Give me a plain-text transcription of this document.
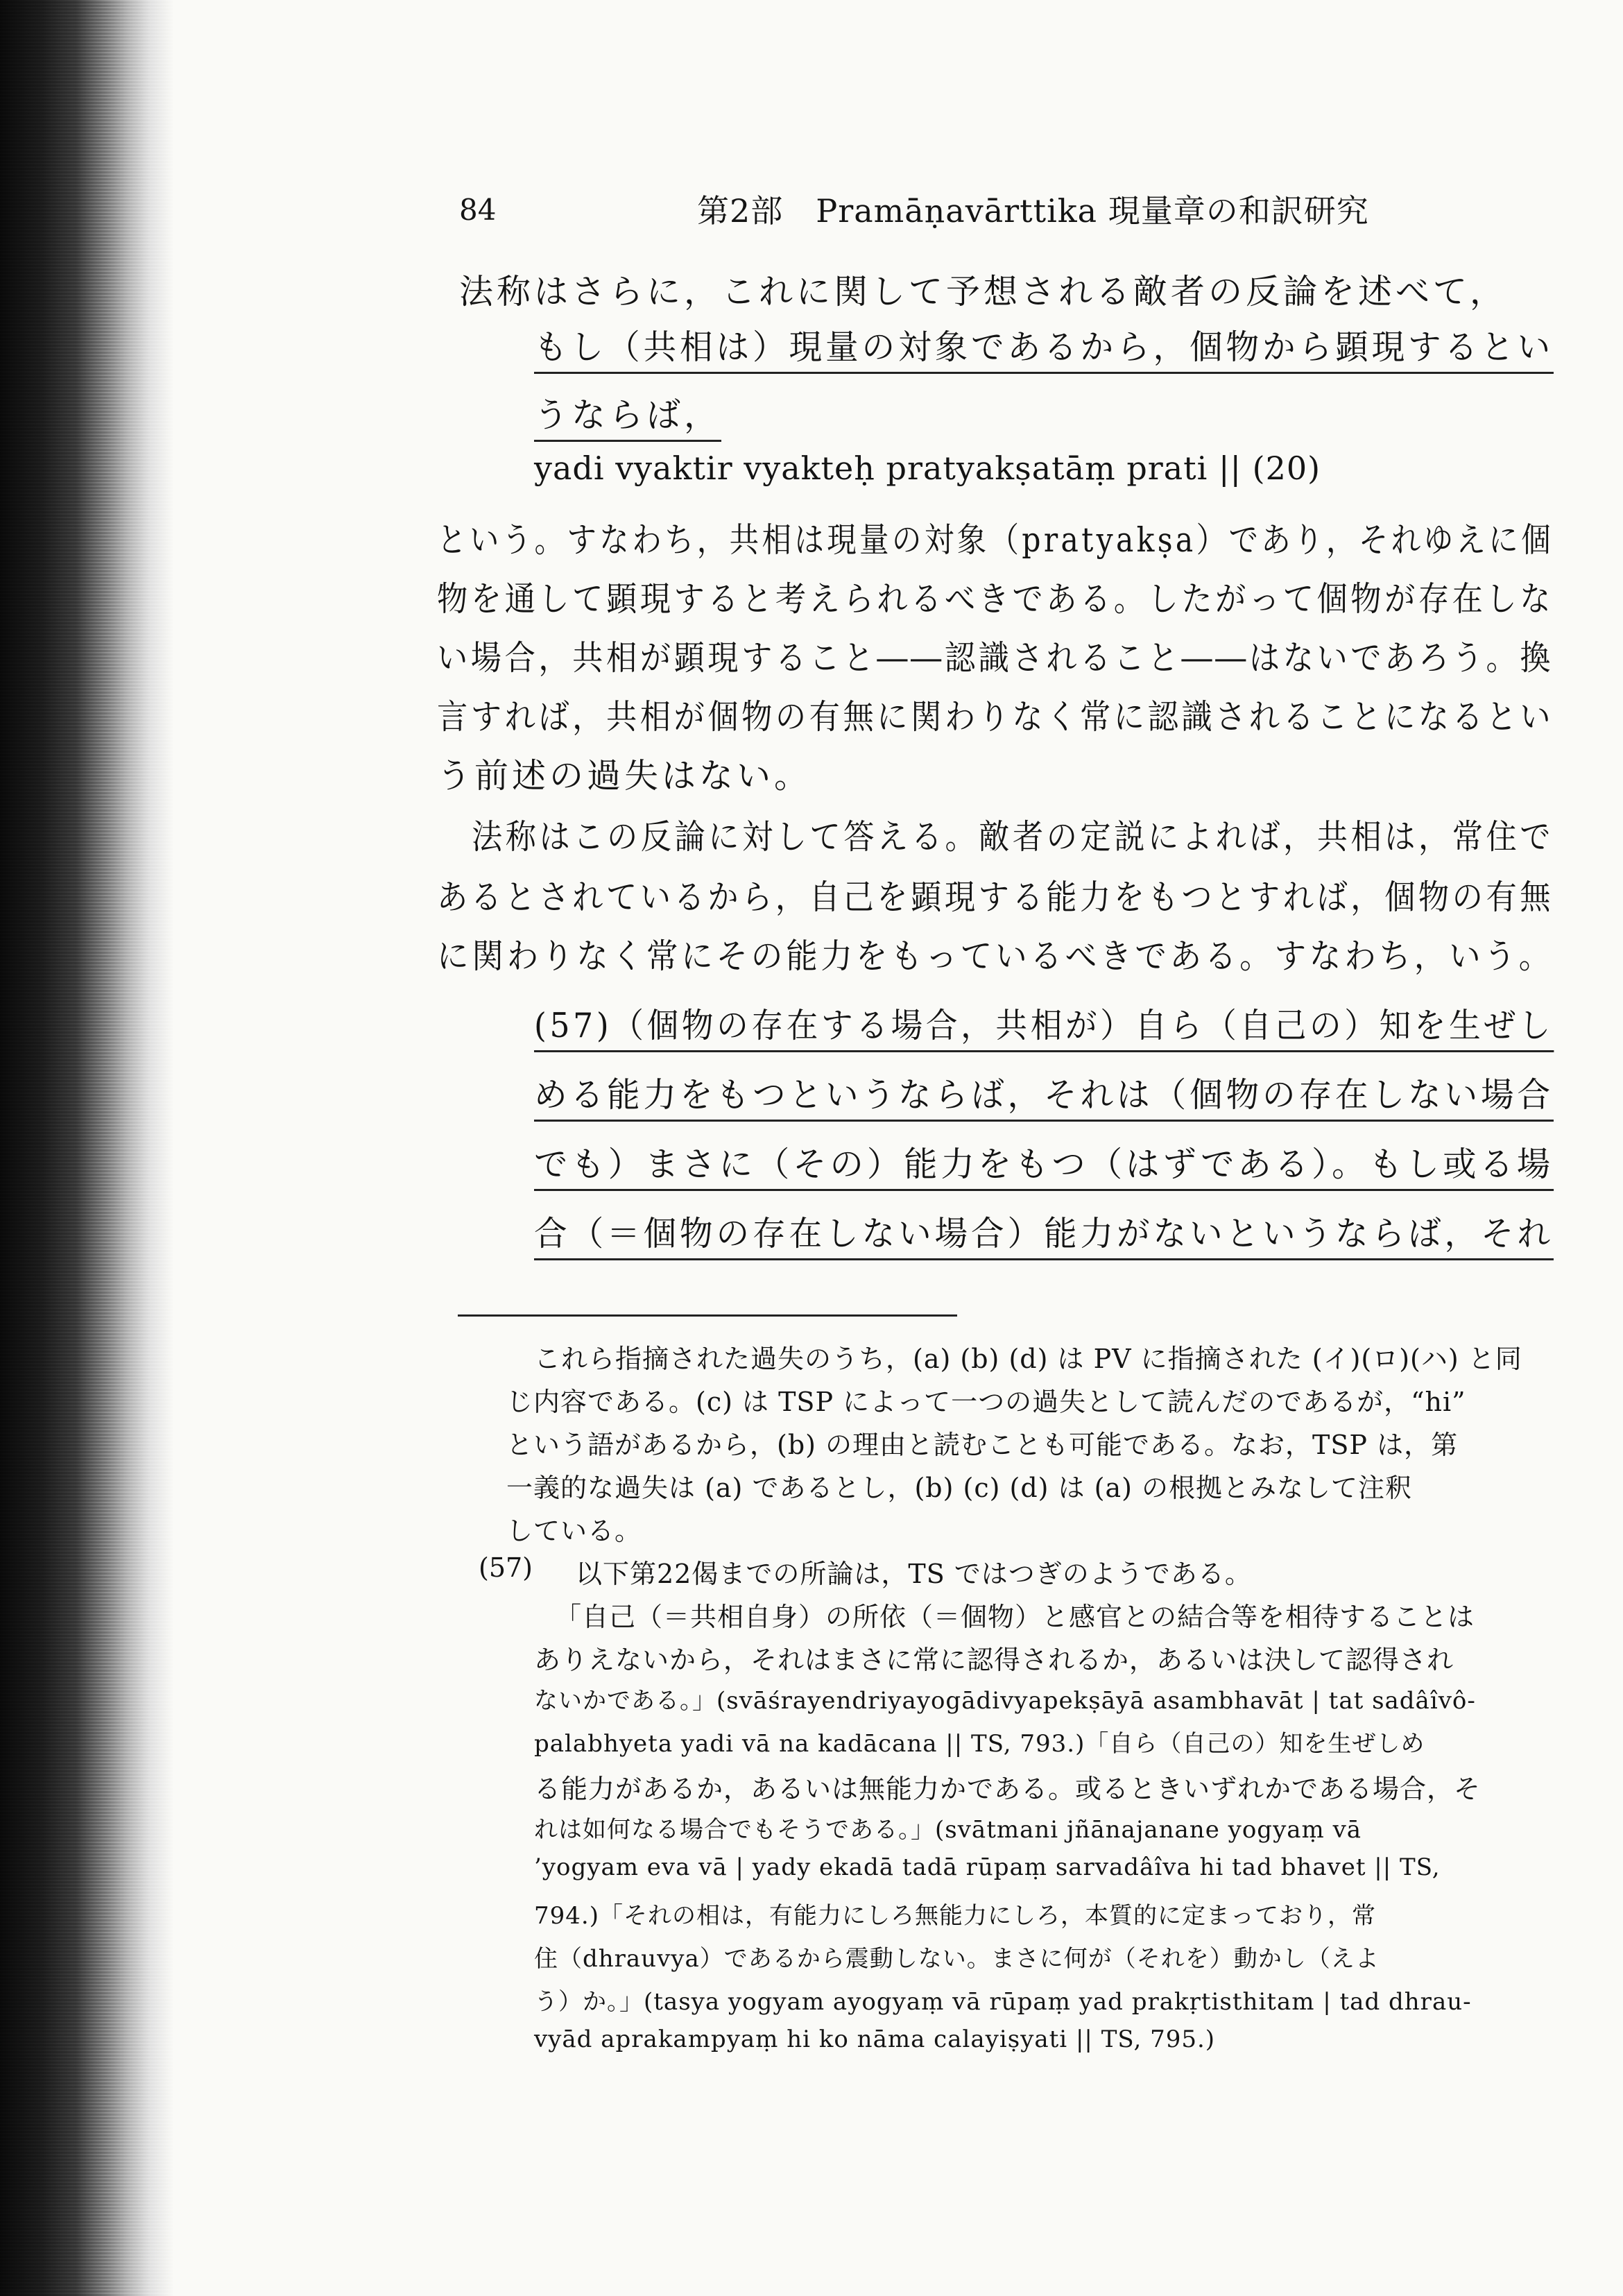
84	第2部　Pramāṇavārttika 現量章の和訳研究
法称はさらに，これに関して予想される敵者の反論を述べて，
もし（共相は）現量の対象であるから，個物から顕現するとい
うならば，
yadi vyaktir vyakteḥ pratyakṣatāṃ prati || (20)
という。すなわち，共相は現量の対象（pratyakṣa）であり，それゆえに個
物を通して顕現すると考えられるべきである。したがって個物が存在しな
い場合，共相が顕現すること――認識されること――はないであろう。換
言すれば，共相が個物の有無に関わりなく常に認識されることになるとい
う前述の過失はない。
法称はこの反論に対して答える。敵者の定説によれば，共相は，常住で
あるとされているから，自己を顕現する能力をもつとすれば，個物の有無
に関わりなく常にその能力をもっているべきである。すなわち，いう。
(57)（個物の存在する場合，共相が）自ら（自己の）知を生ぜし
める能力をもつというならば，それは（個物の存在しない場合
でも）まさに（その）能力をもつ（はずである）。もし或る場
合（＝個物の存在しない場合）能力がないというならば，それ
これら指摘された過失のうち，(a) (b) (d) は PV に指摘された (イ)(ロ)(ハ) と同
じ内容である。(c) は TSP によって一つの過失として読んだのであるが，“hi”
という語があるから，(b) の理由と読むことも可能である。なお，TSP は，第
一義的な過失は (a) であるとし，(b) (c) (d) は (a) の根拠とみなして注釈
している。
(57) 以下第22偈までの所論は，TS ではつぎのようである。
「自己（＝共相自身）の所依（＝個物）と感官との結合等を相待することは
ありえないから，それはまさに常に認得されるか，あるいは決して認得され
ないかである。」(svāśrayendriyayogādivyapekṣāyā asambhavāt | tat sadâîvô-
palabhyeta yadi vā na kadācana || TS, 793.)「自ら（自己の）知を生ぜしめ
る能力があるか，あるいは無能力かである。或るときいずれかである場合，そ
れは如何なる場合でもそうである。」(svātmani jñānajanane yogyaṃ vā
’yogyam eva vā | yady ekadā tadā rūpaṃ sarvadâîva hi tad bhavet || TS,
794.)「それの相は，有能力にしろ無能力にしろ，本質的に定まっており，常
住（dhrauvya）であるから震動しない。まさに何が（それを）動かし（えよ
う）か。」(tasya yogyam ayogyaṃ vā rūpaṃ yad prakṛtisthitam | tad dhrau-
vyād aprakampyaṃ hi ko nāma calayiṣyati || TS, 795.)
